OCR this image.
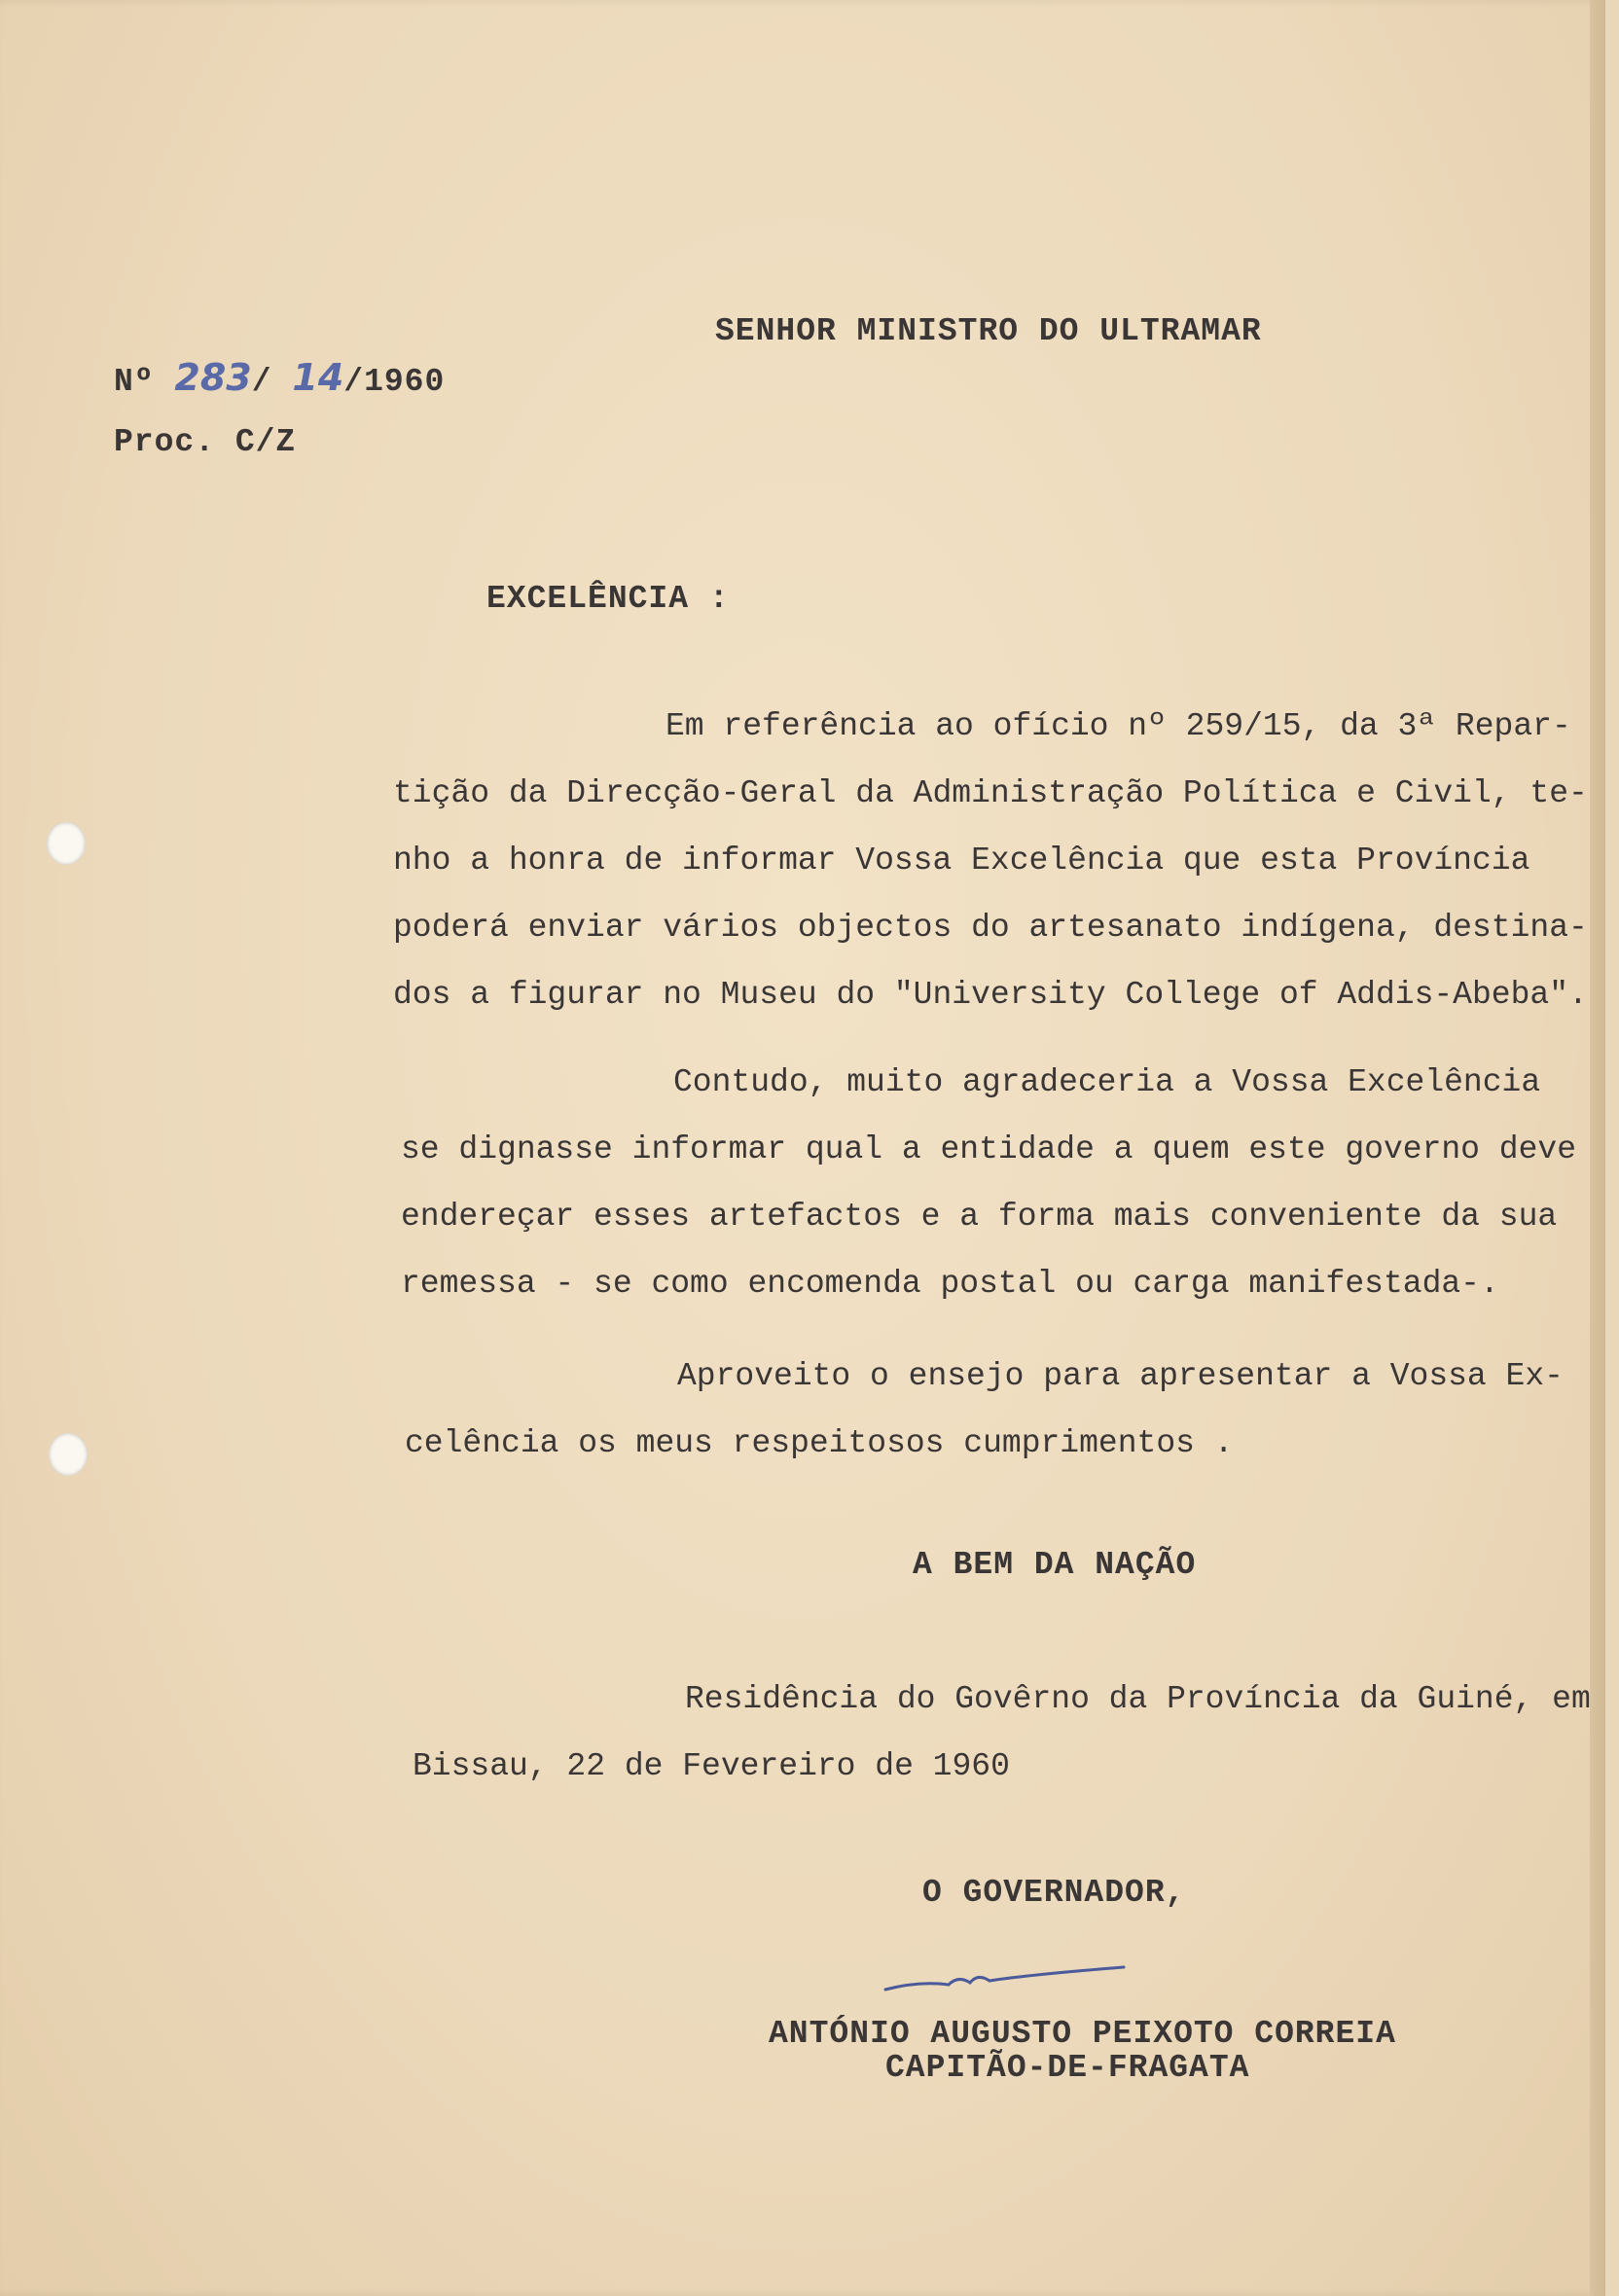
SENHOR MINISTRO DO ULTRAMAR
Nº 283/ 14/1960
Proc. C/Z
EXCELÊNCIA :
Em referência ao ofício nº 259/15, da 3ª Repar-
tição da Direcção-Geral da Administração Política e Civil, te-
nho a honra de informar Vossa Excelência que esta Província
poderá enviar vários objectos do artesanato indígena, destina-
dos a figurar no Museu do "University College of Addis-Abeba".
Contudo, muito agradeceria a Vossa Excelência
se dignasse informar qual a entidade a quem este governo deve
endereçar esses artefactos e a forma mais conveniente da sua
remessa - se como encomenda postal ou carga manifestada-.
Aproveito o ensejo para apresentar a Vossa Ex-
celência os meus respeitosos cumprimentos .
A BEM DA NAÇÃO
Residência do Govêrno da Província da Guiné, em
Bissau, 22 de Fevereiro de 1960
O GOVERNADOR,
ANTÓNIO AUGUSTO PEIXOTO CORREIA
CAPITÃO-DE-FRAGATA
